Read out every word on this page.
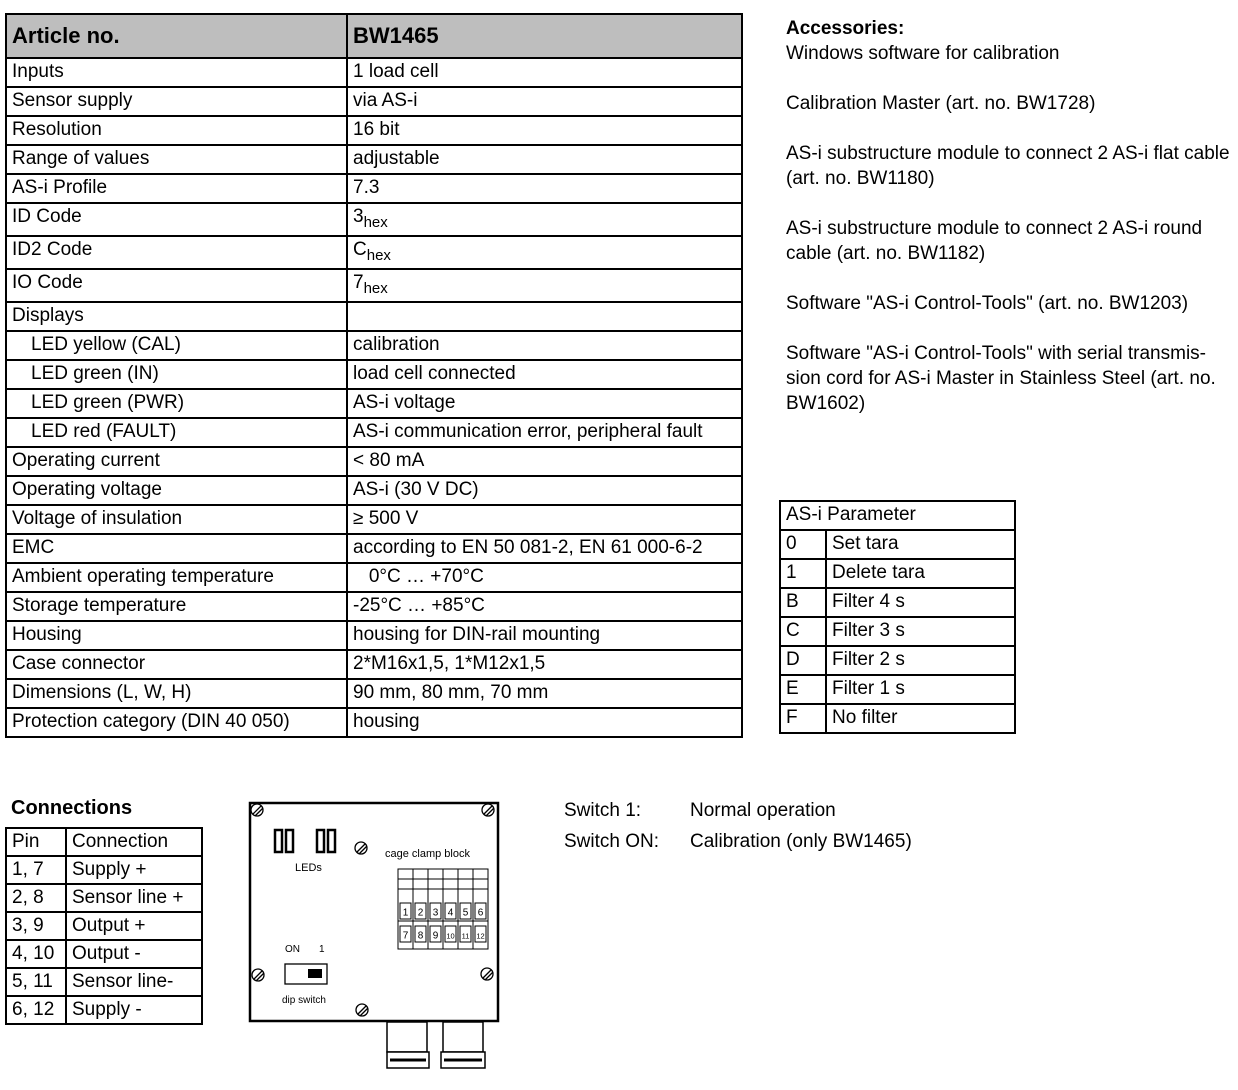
Article no.	BW1465
Inputs	1 load cell
Sensor supply	via AS-i
Resolution	16 bit
Range of values	adjustable
AS-i Profile	7.3
ID Code	$3_{hex}$
ID2 Code	$C_{hex}$
IO Code	$7_{hex}$
Displays	
LED yellow (CAL)	calibration
LED green (IN)	load cell connected
LED green (PWR)	AS-i voltage
LED red (FAULT)	AS-i communication error, peripheral fault
Operating current	< 80 mA
Operating voltage	AS-i (30 V DC)
Voltage of insulation	≥ 500 V
EMC	according to EN 50 081-2, EN 61 000-6-2
Ambient operating temperature	0°C … +70°C
Storage temperature	-25°C … +85°C
Housing	housing for DIN-rail mounting
Case connector	2*M16x1,5, 1*M12x1,5
Dimensions (L, W, H)	90 mm, 80 mm, 70 mm
Protection category (DIN 40 050)	housing
Accessories:

Windows software for calibration

Calibration Master (art. no. BW1728)

AS-i substructure module to connect 2 AS-i flat cable (art. no. BW1180)

AS-i substructure module to connect 2 AS-i round cable (art. no. BW1182)

Software "AS-i Control-Tools" (art. no. BW1203)

Software "AS-i Control-Tools" with serial transmis-sion cord for AS-i Master in Stainless Steel (art. no. BW1602)

AS-i Parameter	
0	Set tara
1	Delete tara
B	Filter 4 s
C	Filter 3 s
D	Filter 2 s
E	Filter 1 s
F	No filter
Connections
Pin	Connection
1, 7	Supply +
2, 8	Sensor line +
3, 9	Output +
4, 10	Output -
5, 11	Sensor line-
6, 12	Supply -
Switch 1:	Normal operation
Switch ON: Calibration (only BW1465)
LEDs
cage clamp block
1 2 3 4 5 6
7 8 9 10 11 12
ON 1
dip switch
